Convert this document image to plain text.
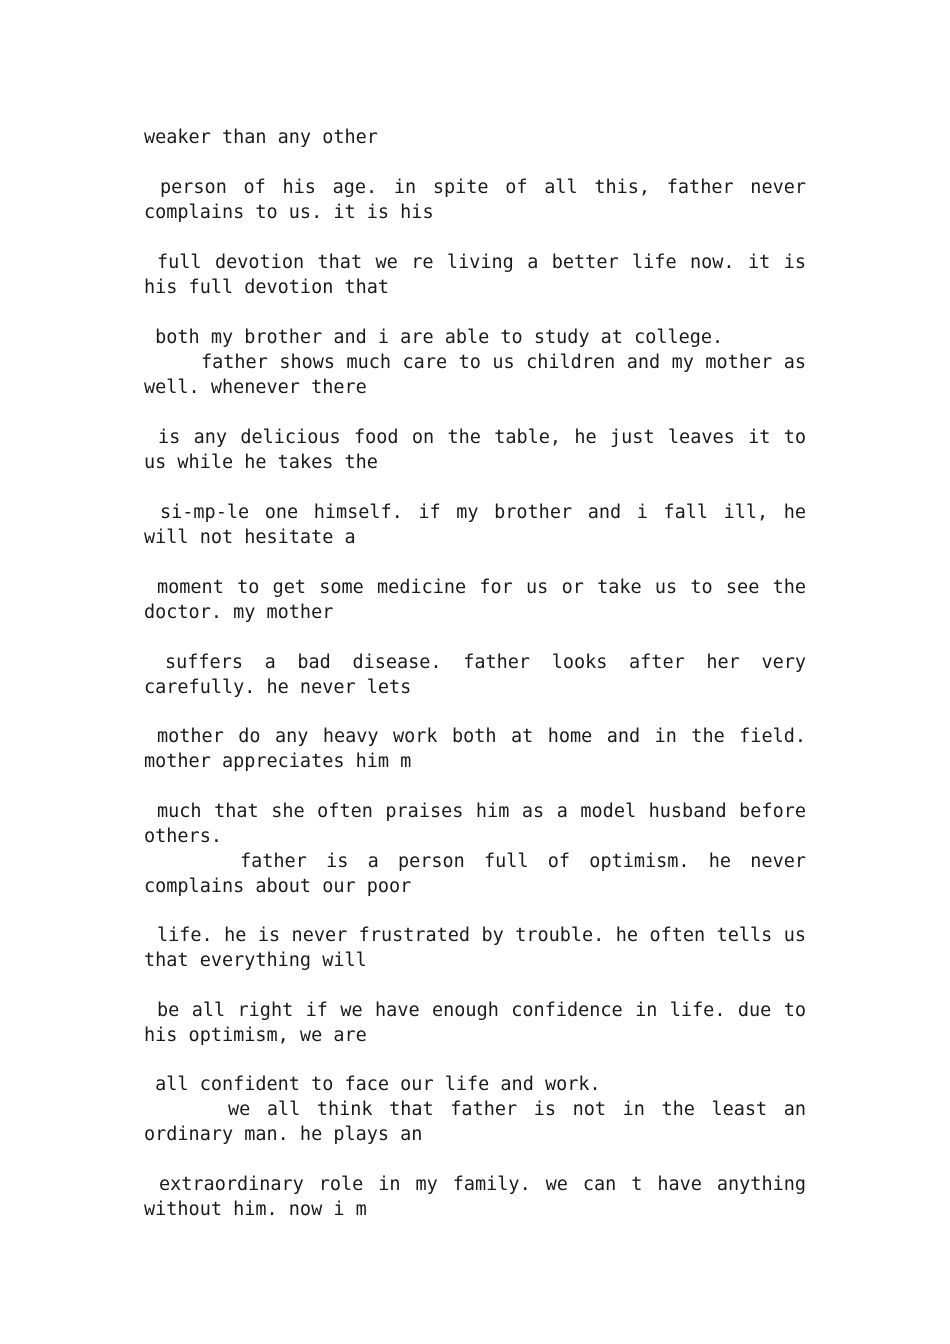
weaker than any other
person of his age. in spite of all this, father never
complains to us. it is his
full devotion that we re living a better life now. it is
his full devotion that
both my brother and i are able to study at college.
father shows much care to us children and my mother as
well. whenever there
is any delicious food on the table, he just leaves it to
us while he takes the
si-mp-le one himself. if my brother and i fall ill, he
will not hesitate a
moment to get some medicine for us or take us to see the
doctor. my mother
suffers a bad disease. father looks after her very
carefully. he never lets
mother do any heavy work both at home and in the field.
mother appreciates him m
much that she often praises him as a model husband before
others.
father is a person full of optimism. he never
complains about our poor
life. he is never frustrated by trouble. he often tells us
that everything will
be all right if we have enough confidence in life. due to
his optimism, we are
all confident to face our life and work.
we all think that father is not in the least an
ordinary man. he plays an
extraordinary role in my family. we can t have anything
without him. now i m
